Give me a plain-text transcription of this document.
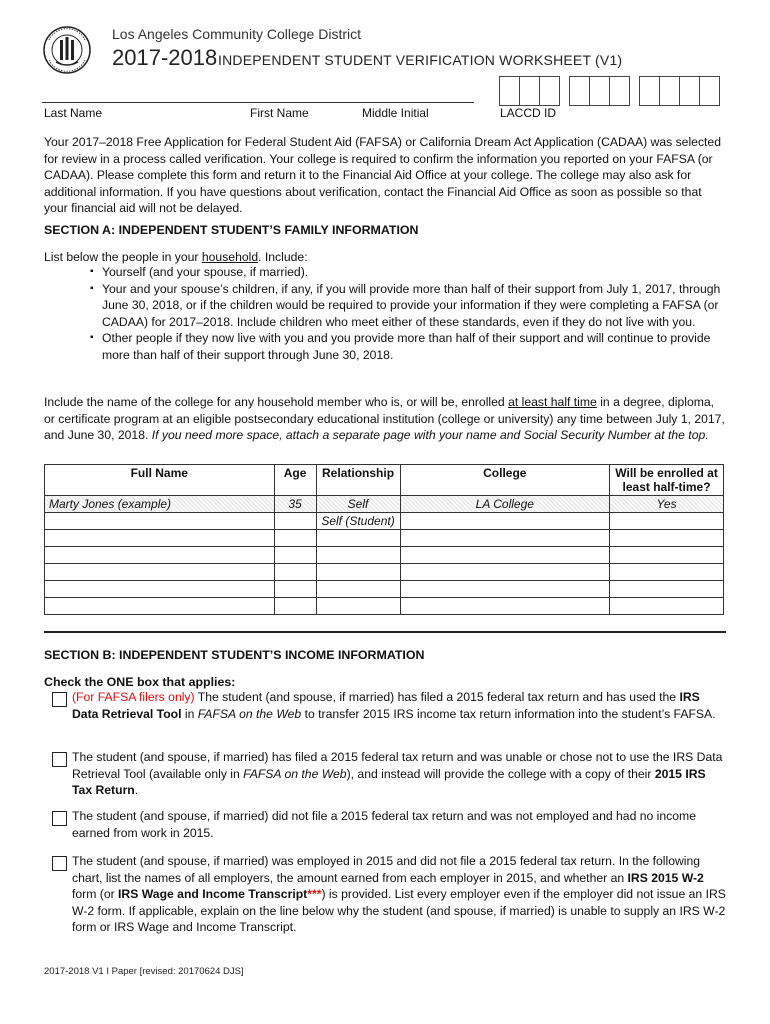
Los Angeles Community College District
2017-2018 INDEPENDENT STUDENT VERIFICATION WORKSHEET (V1)
Last Name	First Name	Middle Initial	LACCD ID
Your 2017–2018 Free Application for Federal Student Aid (FAFSA) or California Dream Act Application (CADAA) was selected for review in a process called verification. Your college is required to confirm the information you reported on your FAFSA (or CADAA). Please complete this form and return it to the Financial Aid Office at your college. The college may also ask for additional information. If you have questions about verification, contact the Financial Aid Office as soon as possible so that your financial aid will not be delayed.
SECTION A: INDEPENDENT STUDENT’S FAMILY INFORMATION
List below the people in your household. Include:
▪ Yourself (and your spouse, if married).
▪ Your and your spouse’s children, if any, if you will provide more than half of their support from July 1, 2017, through June 30, 2018, or if the children would be required to provide your information if they were completing a FAFSA (or CADAA) for 2017–2018. Include children who meet either of these standards, even if they do not live with you.
▪ Other people if they now live with you and you provide more than half of their support and will continue to provide more than half of their support through June 30, 2018.
Include the name of the college for any household member who is, or will be, enrolled at least half time in a degree, diploma, or certificate program at an eligible postsecondary educational institution (college or university) any time between July 1, 2017, and June 30, 2018. If you need more space, attach a separate page with your name and Social Security Number at the top.
Full Name	Age	Relationship	College	Will be enrolled at least half-time?
Marty Jones (example)	35	Self	LA College	Yes
		Self (Student)		

SECTION B: INDEPENDENT STUDENT’S INCOME INFORMATION
Check the ONE box that applies:
(For FAFSA filers only) The student (and spouse, if married) has filed a 2015 federal tax return and has used the IRS Data Retrieval Tool in FAFSA on the Web to transfer 2015 IRS income tax return information into the student’s FAFSA.
The student (and spouse, if married) has filed a 2015 federal tax return and was unable or chose not to use the IRS Data Retrieval Tool (available only in FAFSA on the Web), and instead will provide the college with a copy of their 2015 IRS Tax Return.
The student (and spouse, if married) did not file a 2015 federal tax return and was not employed and had no income earned from work in 2015.
The student (and spouse, if married) was employed in 2015 and did not file a 2015 federal tax return. In the following chart, list the names of all employers, the amount earned from each employer in 2015, and whether an IRS 2015 W-2 form (or IRS Wage and Income Transcript***) is provided. List every employer even if the employer did not issue an IRS W-2 form. If applicable, explain on the line below why the student (and spouse, if married) is unable to supply an IRS W-2 form or IRS Wage and Income Transcript.
2017-2018 V1 I Paper [revised: 20170624 DJS]
